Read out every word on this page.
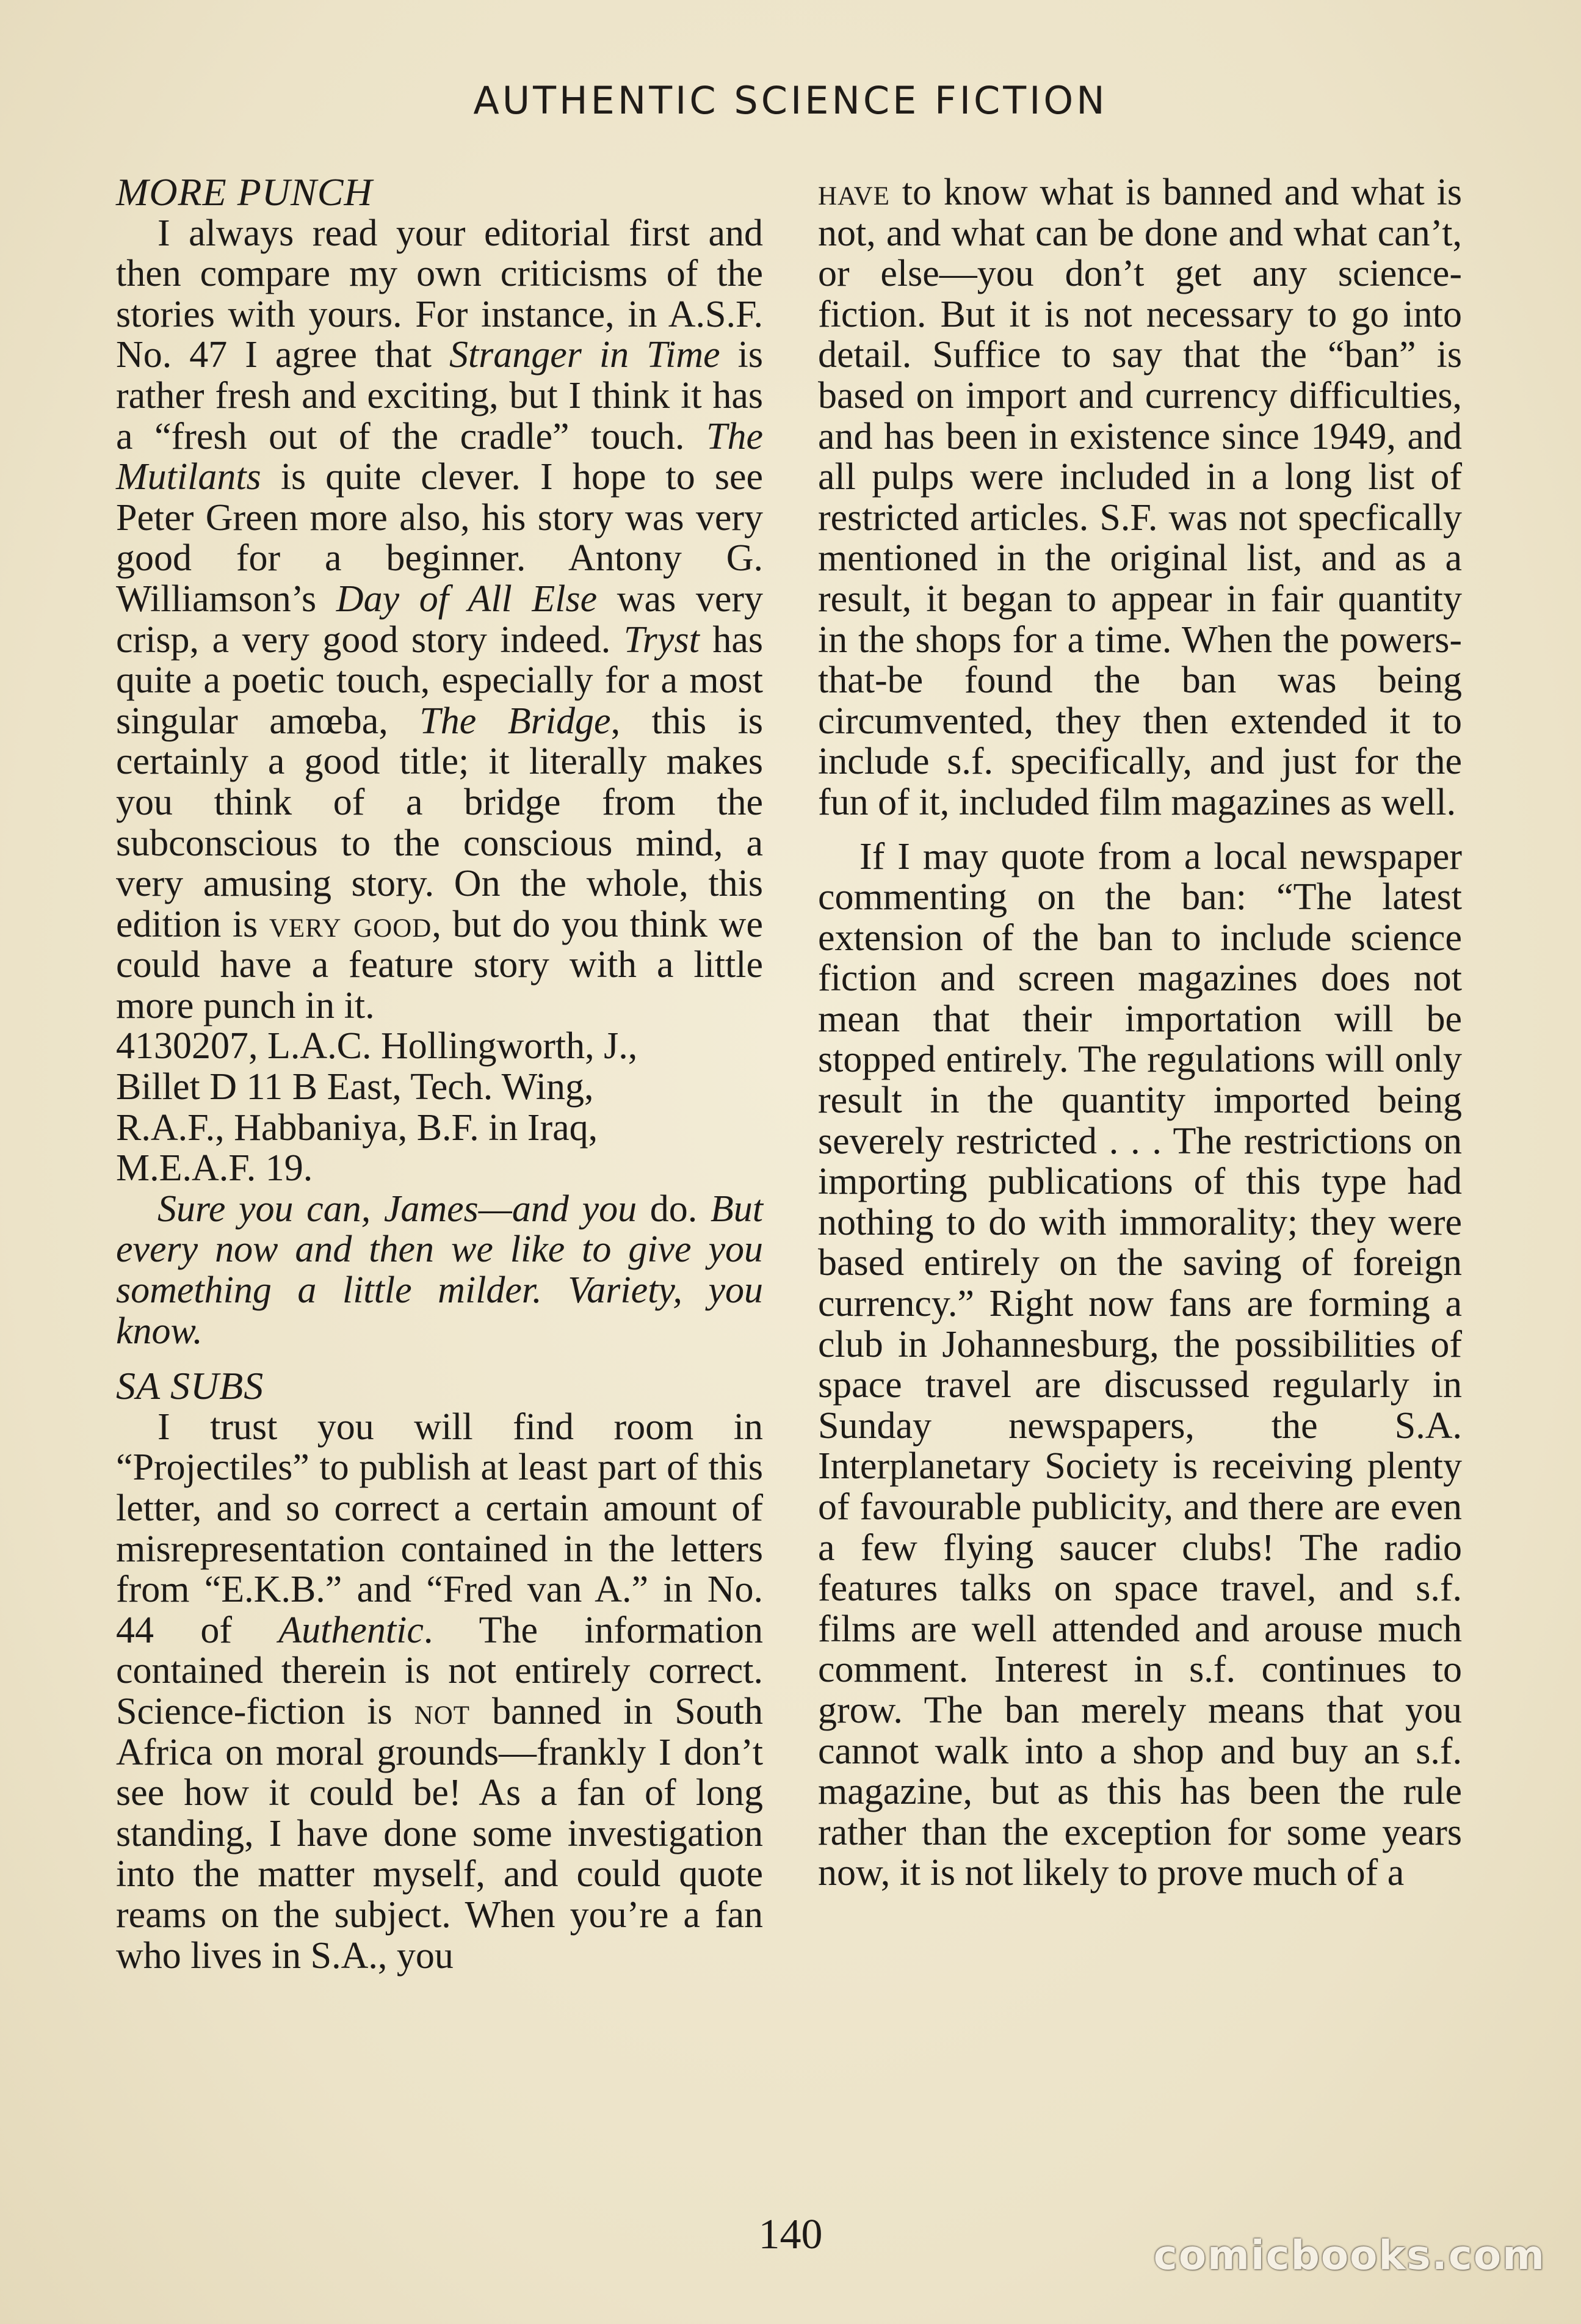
AUTHENTIC SCIENCE FICTION

MORE PUNCH

I always read your editorial first and then compare my own criticisms of the stories with yours. For instance, in A.S.F. No. 47 I agree that Stranger in Time is rather fresh and exciting, but I think it has a “fresh out of the cradle” touch. The Mutilants is quite clever. I hope to see Peter Green more also, his story was very good for a beginner. Antony G. Williamson’s Day of All Else was very crisp, a very good story indeed. Tryst has quite a poetic touch, especially for a most singular amœba, The Bridge, this is certainly a good title; it literally makes you think of a bridge from the subconscious to the conscious mind, a very amusing story. On the whole, this edition is very good, but do you think we could have a feature story with a little more punch in it.

4130207, L.A.C. Hollingworth, J.,

Billet D 11 B East, Tech. Wing,

R.A.F., Habbaniya, B.F. in Iraq,

M.E.A.F. 19.

Sure you can, James—and you do. But every now and then we like to give you something a little milder. Variety, you know.

SA SUBS

I trust you will find room in “Projectiles” to publish at least part of this letter, and so correct a certain amount of misrepresentation contained in the letters from “E.K.B.” and “Fred van A.” in No. 44 of Authentic. The information contained therein is not entirely correct. Science-fiction is not banned in South Africa on moral grounds—frankly I don’t see how it could be! As a fan of long standing, I have done some investigation into the matter myself, and could quote reams on the subject. When you’re a fan who lives in S.A., you

have to know what is banned and what is not, and what can be done and what can’t, or else—you don’t get any science-fiction. But it is not necessary to go into detail. Suffice to say that the “ban” is based on import and currency difficulties, and has been in existence since 1949, and all pulps were included in a long list of restricted articles. S.F. was not specfically mentioned in the original list, and as a result, it began to appear in fair quantity in the shops for a time. When the powers-that-be found the ban was being circumvented, they then extended it to include s.f. specifically, and just for the fun of it, included film magazines as well.

If I may quote from a local newspaper commenting on the ban: “The latest extension of the ban to include science fiction and screen magazines does not mean that their importation will be stopped entirely. The regulations will only result in the quantity imported being severely restricted . . . The restrictions on importing publications of this type had nothing to do with immorality; they were based entirely on the saving of foreign currency.” Right now fans are forming a club in Johannesburg, the possibilities of space travel are discussed regularly in Sunday newspapers, the S.A. Interplanetary Society is receiving plenty of favourable publicity, and there are even a few flying saucer clubs! The radio features talks on space travel, and s.f. films are well attended and arouse much comment. Interest in s.f. continues to grow. The ban merely means that you cannot walk into a shop and buy an s.f. magazine, but as this has been the rule rather than the exception for some years now, it is not likely to prove much of a

140	comicbooks.com
